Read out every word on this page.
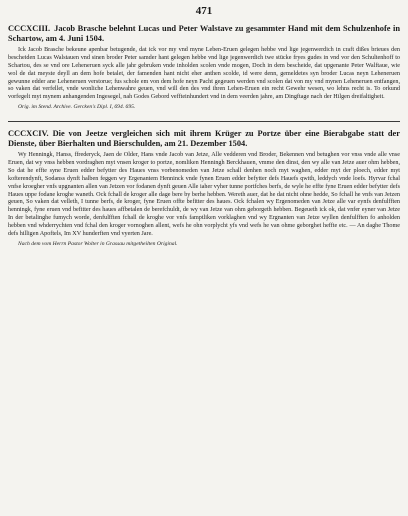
471
CCCXCIII. Jacob Brasche belehnt Lucas und Peter Walstave zu gesammter Hand mit dem Schulzenhofe in Schartow, am 4. Juni 1504.

Ick Jacob Brasche bekeune apenbar betugende, dat ick vor my vnd myne Leben-Eruen gelegen hebbe vnd lige jegenwerdich in craft dißes brieues den bescheiden Lucas Walstauen vnd sinen broder Peter samder hant gelegen hebbe vnd lige jegenwerdich twe stücke fryes gudes in vnd vor den Schultenhoff to Schartou, des se vnd ore Leheneruen syck alle jahr gebruken vnde inholden scolen vnde mogen, Doch in dem bescheide, dat upgenante Peter Walftaue, wie wol de dat meyste deyll an dem hofe betalet, der famenden hant nicht eher anthen scolde, id were denn, gemeldetes syn broder Lucas neyn Leheneruen gewunne edder ane Leheneruen verstorue; fus schole em von dem hofe neyn Pacht gegeuen werden vnd scolen dat von my vnd mynen Leheneruen entfangen, so vaken dat verfellet, vnde wonliche Lehenwahre geuen, vnd will den des vnd ihren Lehen-Eruen ein recht Gewehr wesen, wo lehns recht is. To orkund vorfegelt myt mynem anhangenden Ingesegel, nah Godes Gebord veffteinhundert vnd in dem veerden jahre, am Dingftage nach der Hilgen dreifaltigheit.

Orig. im Stend. Archive. Gercken's Dipl. I, 694. 695.
CCCXCIV. Die von Jeetze vergleichen sich mit ihrem Krüger zu Portze über eine Bierabgabe statt der Dienste, über Bierhalten und Bierschulden, am 21. Dezember 1504.

Wy Henningk, Hanss, ffrederyck, Jaen de Older, Hans vnde Jacob van Jetze, Alle vedderen vnd Broder, Bekennen vnd betughen vor vnss vnde alle vnse Eruen, dat wy vnss hebben vordraghen myt vnsen kroger to portze, nomliken Henningh Berckhauen, vmme den dinst, den wy alle van Jetze auer ohm hebben, So dat he effte syne Eruen edder befytter des Haues vnss vorbenomeden van Jetze schall denhen noch myt waghen, edder myt der ploech, edder myt kofterendynft, Sodanss dynft halben feggen wy Ergenantem Henninck vnde fynen Eruen edder befytter defs Hauefs qwith, leddych vnde loefs. Hyrvar fchal vnfse kroegher vnfs upgnanten allen van Jetzen vor fodanen dynft geuen Alle iaher vyher tunne portfches berfs, de wyle he effte fyne Eruen edder befytter defs Haues uppe fodane kroghe waneth. Ock fchall de kroger alle dage bere by berhe hebben. Wereth auer, dat he dat nicht ohne hedde, So fchall he vnfs van Jetzen geuen, So vaken dat velleth, I tunne berfs, de kroger, fyne Eruen offte befitter des haues. Ock fchalen wy Ergenomeden van Jetze alle var eynfs denfulfften henningk, fyne eruen vnd befitter des haues affbetalen de berefchuldt, de wy van Jetze van ohm geborgeth hebben. Begeueth ick ok, dat vnfer eyner van Jetze In der betalinghe fumych worde, denfulfften fchall de kroghe vor vnfs famptliken vorklaghen vnd wy Ergnanten van Jetze wyllen denfulfften fo anholden hebben vnd whderrychten vnd fchal den kroger vornoghen allent, wefs he ohn vorplycht yfs vnd wefs he van ohme geborghet heffte etc. — An daghe Thome defs hilligen Apoftels, Im XV hunderften vnd vyerten Jare.

Nach dem vom Herrn Pastor Wolter in Grassau mitgetheilten Original.
